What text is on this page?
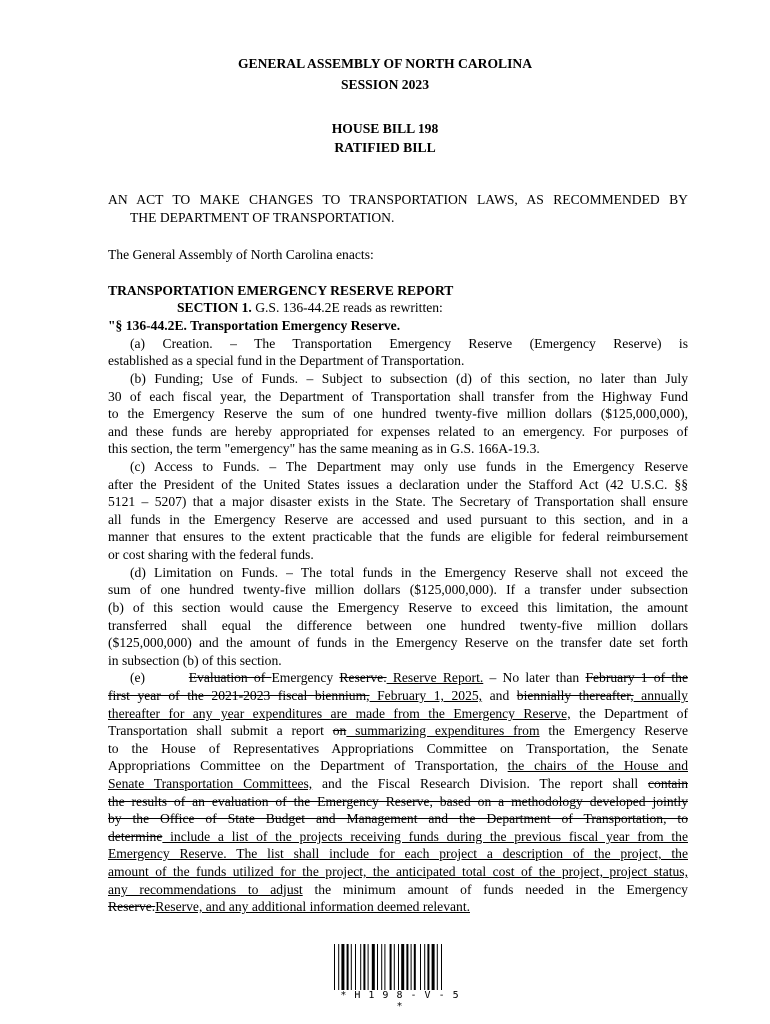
GENERAL ASSEMBLY OF NORTH CAROLINA
SESSION 2023
HOUSE BILL 198
RATIFIED BILL
AN ACT TO MAKE CHANGES TO TRANSPORTATION LAWS, AS RECOMMENDED BY
THE DEPARTMENT OF TRANSPORTATION.
The General Assembly of North Carolina enacts:
TRANSPORTATION EMERGENCY RESERVE REPORT
SECTION 1. G.S. 136-44.2E reads as rewritten:
"§ 136-44.2E. Transportation Emergency Reserve.
(a) Creation. – The Transportation Emergency Reserve (Emergency Reserve) is
established as a special fund in the Department of Transportation.
(b) Funding; Use of Funds. – Subject to subsection (d) of this section, no later than July
30 of each fiscal year, the Department of Transportation shall transfer from the Highway Fund
to the Emergency Reserve the sum of one hundred twenty-five million dollars ($125,000,000),
and these funds are hereby appropriated for expenses related to an emergency. For purposes of
this section, the term "emergency" has the same meaning as in G.S. 166A-19.3.
(c) Access to Funds. – The Department may only use funds in the Emergency Reserve
after the President of the United States issues a declaration under the Stafford Act (42 U.S.C. §§
5121 – 5207) that a major disaster exists in the State. The Secretary of Transportation shall ensure
all funds in the Emergency Reserve are accessed and used pursuant to this section, and in a
manner that ensures to the extent practicable that the funds are eligible for federal reimbursement
or cost sharing with the federal funds.
(d) Limitation on Funds. – The total funds in the Emergency Reserve shall not exceed the
sum of one hundred twenty-five million dollars ($125,000,000). If a transfer under subsection
(b) of this section would cause the Emergency Reserve to exceed this limitation, the amount
transferred shall equal the difference between one hundred twenty-five million dollars
($125,000,000) and the amount of funds in the Emergency Reserve on the transfer date set forth
in subsection (b) of this section.
(e)       Evaluation of Emergency Reserve. Reserve Report. – No later than February 1 of the
first year of the 2021-2023 fiscal biennium, February 1, 2025, and biennially thereafter, annually
thereafter for any year expenditures are made from the Emergency Reserve, the Department of
Transportation shall submit a report on summarizing expenditures from the Emergency Reserve
to the House of Representatives Appropriations Committee on Transportation, the Senate
Appropriations Committee on the Department of Transportation, the chairs of the House and
Senate Transportation Committees, and the Fiscal Research Division. The report shall contain
the results of an evaluation of the Emergency Reserve, based on a methodology developed jointly
by the Office of State Budget and Management and the Department of Transportation, to
determine include a list of the projects receiving funds during the previous fiscal year from the
Emergency Reserve. The list shall include for each project a description of the project, the
amount of the funds utilized for the project, the anticipated total cost of the project, project status,
any recommendations to adjust the minimum amount of funds needed in the Emergency
Reserve.Reserve, and any additional information deemed relevant.
* H 1 9 8 - V - 5 *
